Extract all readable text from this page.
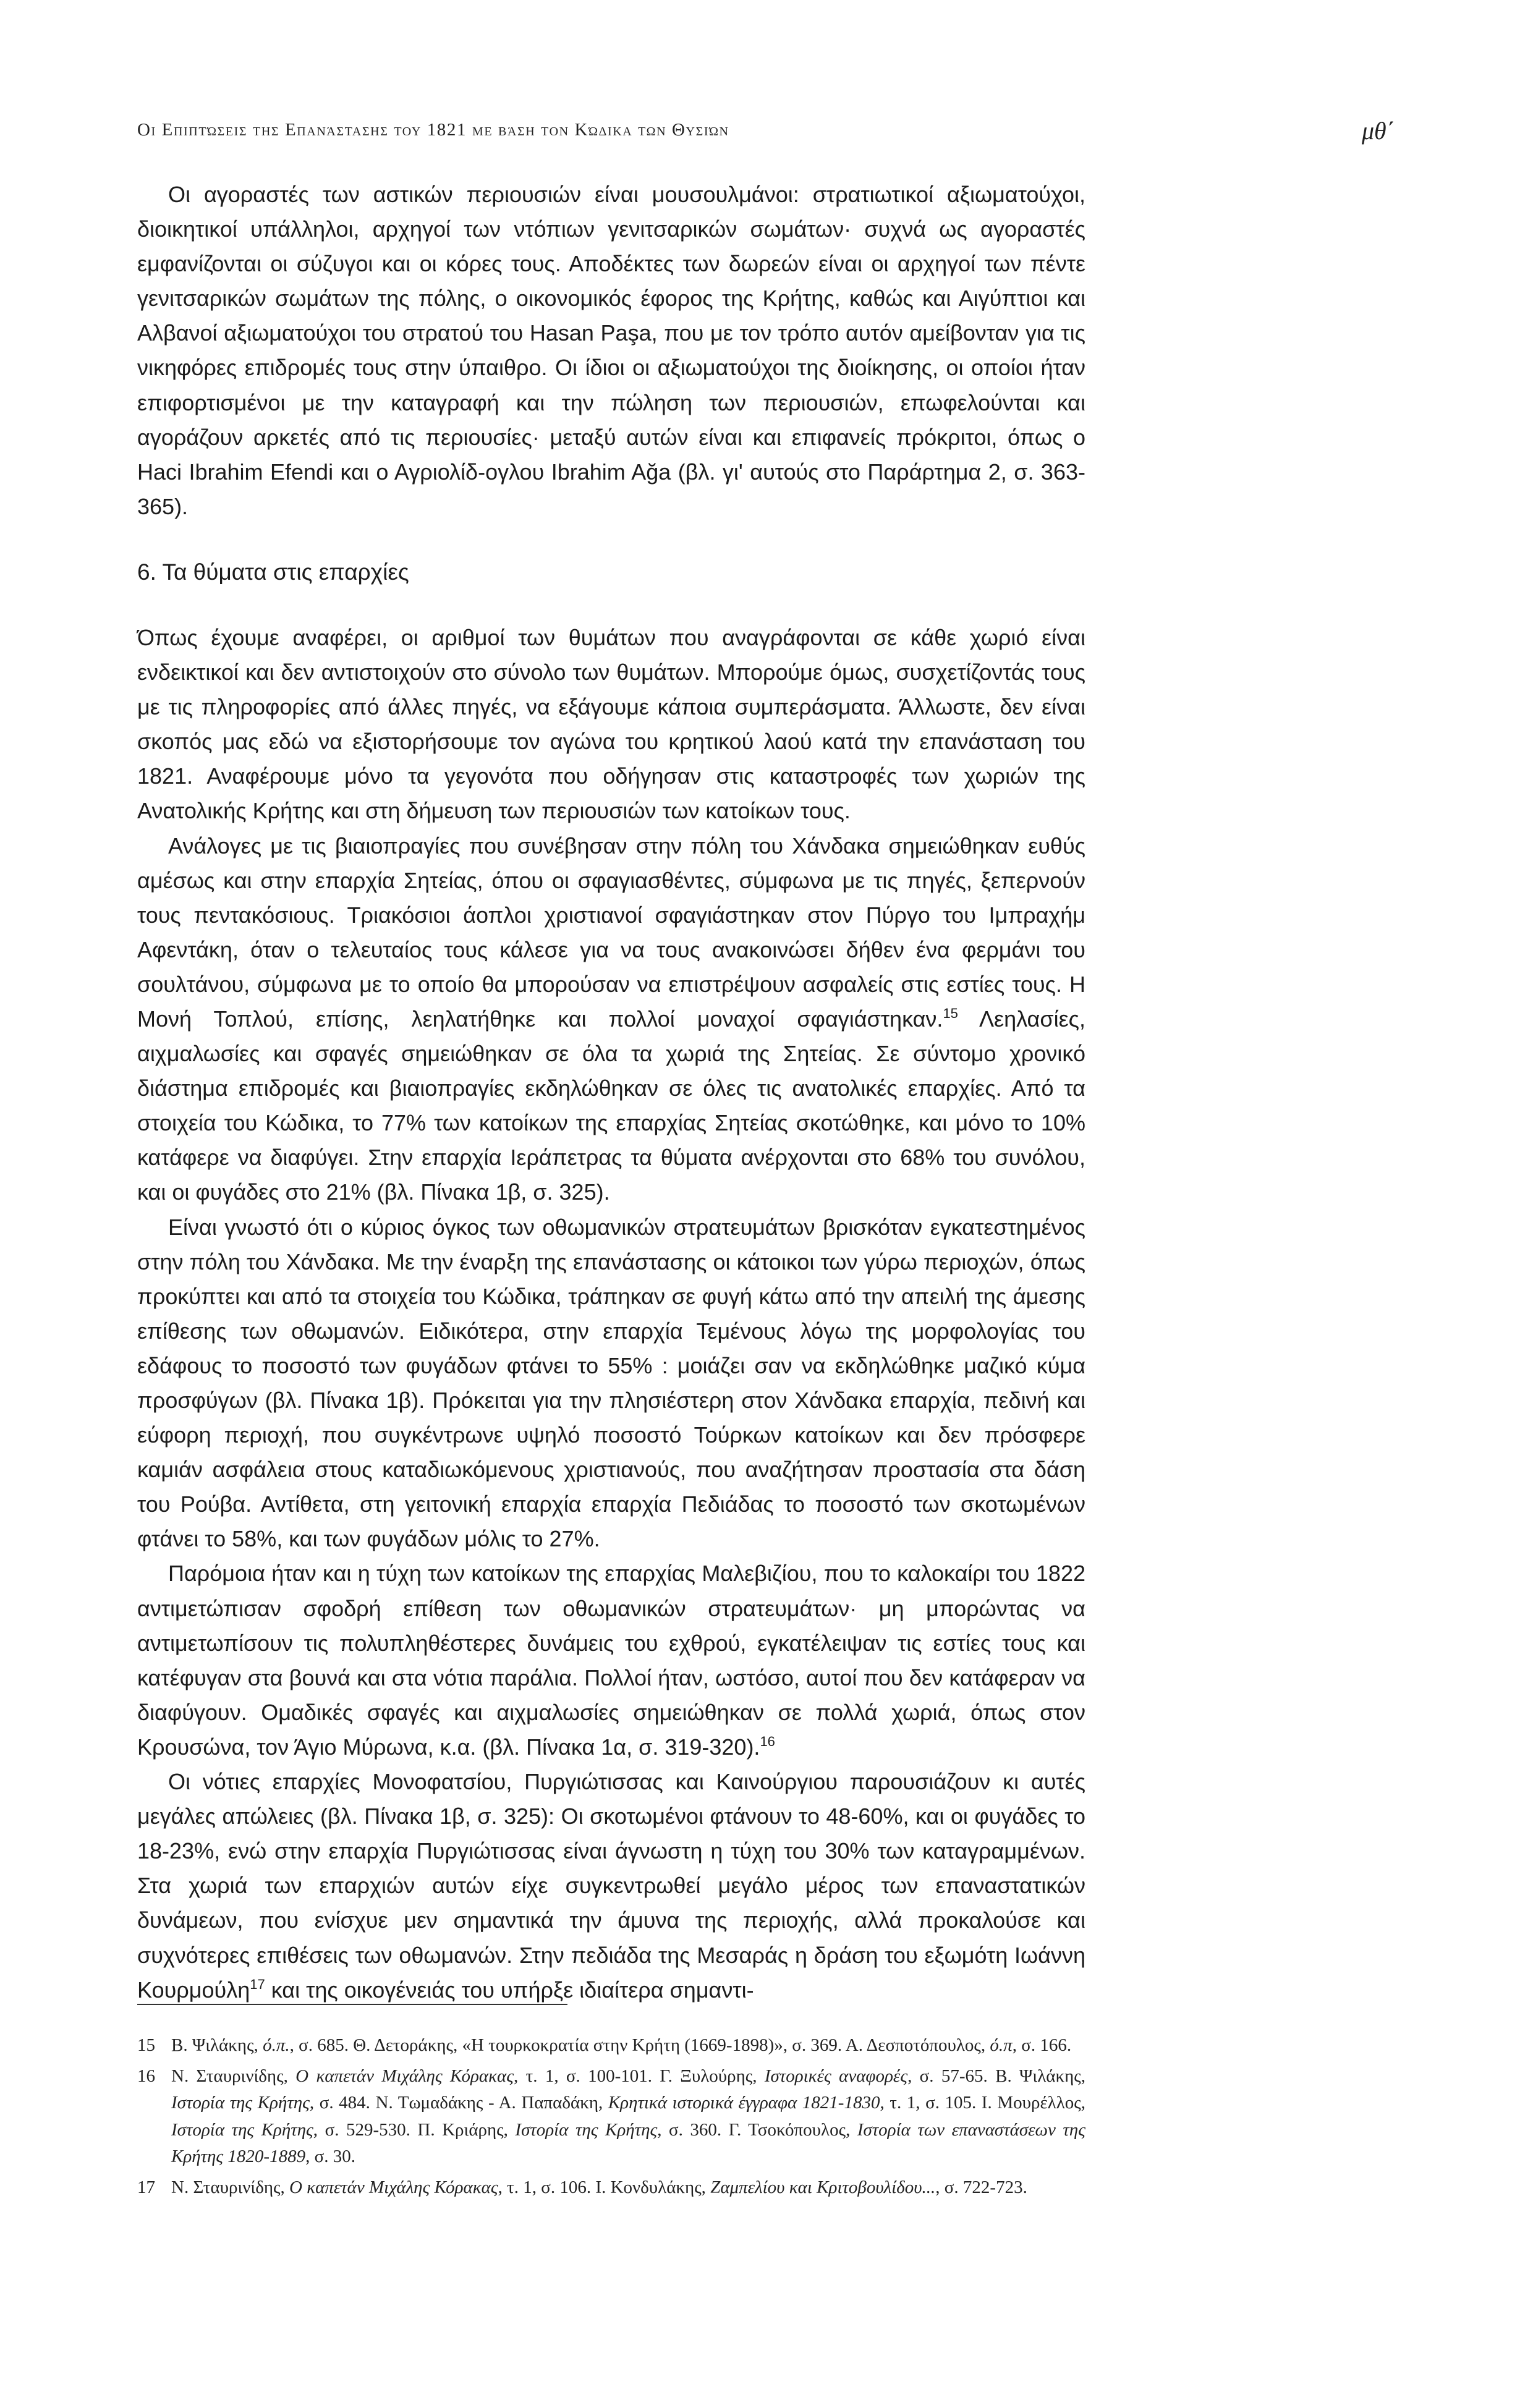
Οι Επιπτώσεις της Επανάστασης του 1821 με βάση τον Κώδικα των Θυσιών	μθ΄

Οι αγοραστές των αστικών περιουσιών είναι μουσουλμάνοι: στρατιωτικοί αξιωματούχοι, διοικητικοί υπάλληλοι, αρχηγοί των ντόπιων γενιτσαρικών σωμάτων· συχνά ως αγοραστές εμφανίζονται οι σύζυγοι και οι κόρες τους. Αποδέκτες των δωρεών είναι οι αρχηγοί των πέντε γενιτσαρικών σωμάτων της πόλης, ο οικονομικός έφορος της Κρήτης, καθώς και Αιγύπτιοι και Αλβανοί αξιωματούχοι του στρατού του Hasan Paşa, που με τον τρόπο αυτόν αμείβονταν για τις νικηφόρες επιδρομές τους στην ύπαιθρο. Οι ίδιοι οι αξιωματούχοι της διοίκησης, οι οποίοι ήταν επιφορτισμένοι με την καταγραφή και την πώληση των περιουσιών, επωφελούνται και αγοράζουν αρκετές από τις περιουσίες· μεταξύ αυτών είναι και επιφανείς πρόκριτοι, όπως ο Haci Ibrahim Efendi και ο Αγριολίδ-ογλου Ibrahim Ağa (βλ. γι' αυτούς στο Παράρτημα 2, σ. 363-365).

6. Τα θύματα στις επαρχίες

Όπως έχουμε αναφέρει, οι αριθμοί των θυμάτων που αναγράφονται σε κάθε χωριό είναι ενδεικτικοί και δεν αντιστοιχούν στο σύνολο των θυμάτων. Μπορούμε όμως, συσχετίζοντάς τους με τις πληροφορίες από άλλες πηγές, να εξάγουμε κάποια συμπεράσματα. Άλλωστε, δεν είναι σκοπός μας εδώ να εξιστορήσουμε τον αγώνα του κρητικού λαού κατά την επανάσταση του 1821. Αναφέρουμε μόνο τα γεγονότα που οδήγησαν στις καταστροφές των χωριών της Ανατολικής Κρήτης και στη δήμευση των περιουσιών των κατοίκων τους.

Ανάλογες με τις βιαιοπραγίες που συνέβησαν στην πόλη του Χάνδακα σημειώθηκαν ευθύς αμέσως και στην επαρχία Σητείας, όπου οι σφαγιασθέντες, σύμφωνα με τις πηγές, ξεπερνούν τους πεντακόσιους. Τριακόσιοι άοπλοι χριστιανοί σφαγιάστηκαν στον Πύργο του Ιμπραχήμ Αφεντάκη, όταν ο τελευταίος τους κάλεσε για να τους ανακοινώσει δήθεν ένα φερμάνι του σουλτάνου, σύμφωνα με το οποίο θα μπορούσαν να επιστρέψουν ασφαλείς στις εστίες τους. Η Μονή Τοπλού, επίσης, λεηλατήθηκε και πολλοί μοναχοί σφαγιάστηκαν.$^{15}$ Λεηλασίες, αιχμαλωσίες και σφαγές σημειώθηκαν σε όλα τα χωριά της Σητείας. Σε σύντομο χρονικό διάστημα επιδρομές και βιαιοπραγίες εκδηλώθηκαν σε όλες τις ανατολικές επαρχίες. Από τα στοιχεία του Κώδικα, το 77% των κατοίκων της επαρχίας Σητείας σκοτώθηκε, και μόνο το 10% κατάφερε να διαφύγει. Στην επαρχία Ιεράπετρας τα θύματα ανέρχονται στο 68% του συνόλου, και οι φυγάδες στο 21% (βλ. Πίνακα 1β, σ. 325).

Είναι γνωστό ότι ο κύριος όγκος των οθωμανικών στρατευμάτων βρισκόταν εγκατεστημένος στην πόλη του Χάνδακα. Με την έναρξη της επανάστασης οι κάτοικοι των γύρω περιοχών, όπως προκύπτει και από τα στοιχεία του Κώδικα, τράπηκαν σε φυγή κάτω από την απειλή της άμεσης επίθεσης των οθωμανών. Ειδικότερα, στην επαρχία Τεμένους λόγω της μορφολογίας του εδάφους το ποσοστό των φυγάδων φτάνει το 55% : μοιάζει σαν να εκδηλώθηκε μαζικό κύμα προσφύγων (βλ. Πίνακα 1β). Πρόκειται για την πλησιέστερη στον Χάνδακα επαρχία, πεδινή και εύφορη περιοχή, που συγκέντρωνε υψηλό ποσοστό Τούρκων κατοίκων και δεν πρόσφερε καμιάν ασφάλεια στους καταδιωκόμενους χριστιανούς, που αναζήτησαν προστασία στα δάση του Ρούβα. Αντίθετα, στη γειτονική επαρχία επαρχία Πεδιάδας το ποσοστό των σκοτωμένων φτάνει το 58%, και των φυγάδων μόλις το 27%.

Παρόμοια ήταν και η τύχη των κατοίκων της επαρχίας Μαλεβιζίου, που το καλοκαίρι του 1822 αντιμετώπισαν σφοδρή επίθεση των οθωμανικών στρατευμάτων· μη μπορώντας να αντιμετωπίσουν τις πολυπληθέστερες δυνάμεις του εχθρού, εγκατέλειψαν τις εστίες τους και κατέφυγαν στα βουνά και στα νότια παράλια. Πολλοί ήταν, ωστόσο, αυτοί που δεν κατάφεραν να διαφύγουν. Ομαδικές σφαγές και αιχμαλωσίες σημειώθηκαν σε πολλά χωριά, όπως στον Κρουσώνα, τον Άγιο Μύρωνα, κ.α. (βλ. Πίνακα 1α, σ. 319-320).$^{16}$

Οι νότιες επαρχίες Μονοφατσίου, Πυργιώτισσας και Καινούργιου παρουσιάζουν κι αυτές μεγάλες απώλειες (βλ. Πίνακα 1β, σ. 325): Οι σκοτωμένοι φτάνουν το 48-60%, και οι φυγάδες το 18-23%, ενώ στην επαρχία Πυργιώτισσας είναι άγνωστη η τύχη του 30% των καταγραμμένων. Στα χωριά των επαρχιών αυτών είχε συγκεντρωθεί μεγάλο μέρος των επαναστατικών δυνάμεων, που ενίσχυε μεν σημαντικά την άμυνα της περιοχής, αλλά προκαλούσε και συχνότερες επιθέσεις των οθωμανών. Στην πεδιάδα της Μεσαράς η δράση του εξωμότη Ιωάννη Κουρμούλη$^{17}$ και της οικογένειάς του υπήρξε ιδιαίτερα σημαντι-

15 Β. Ψιλάκης, ό.π., σ. 685. Θ. Δετοράκης, «Η τουρκοκρατία στην Κρήτη (1669-1898)», σ. 369. Α. Δεσποτόπουλος, ό.π, σ. 166.
16 Ν. Σταυρινίδης, Ο καπετάν Μιχάλης Κόρακας, τ. 1, σ. 100-101. Γ. Ξυλούρης, Ιστορικές αναφορές, σ. 57-65. Β. Ψιλάκης, Ιστορία της Κρήτης, σ. 484. Ν. Τωμαδάκης - Α. Παπαδάκη, Κρητικά ιστορικά έγγραφα 1821-1830, τ. 1, σ. 105. Ι. Μουρέλλος, Ιστορία της Κρήτης, σ. 529-530. Π. Κριάρης, Ιστορία της Κρήτης, σ. 360. Γ. Τσοκόπουλος, Ιστορία των επαναστάσεων της Κρήτης 1820-1889, σ. 30.
17 Ν. Σταυρινίδης, Ο καπετάν Μιχάλης Κόρακας, τ. 1, σ. 106. Ι. Κονδυλάκης, Ζαμπελίου και Κριτοβουλίδου..., σ. 722-723.
